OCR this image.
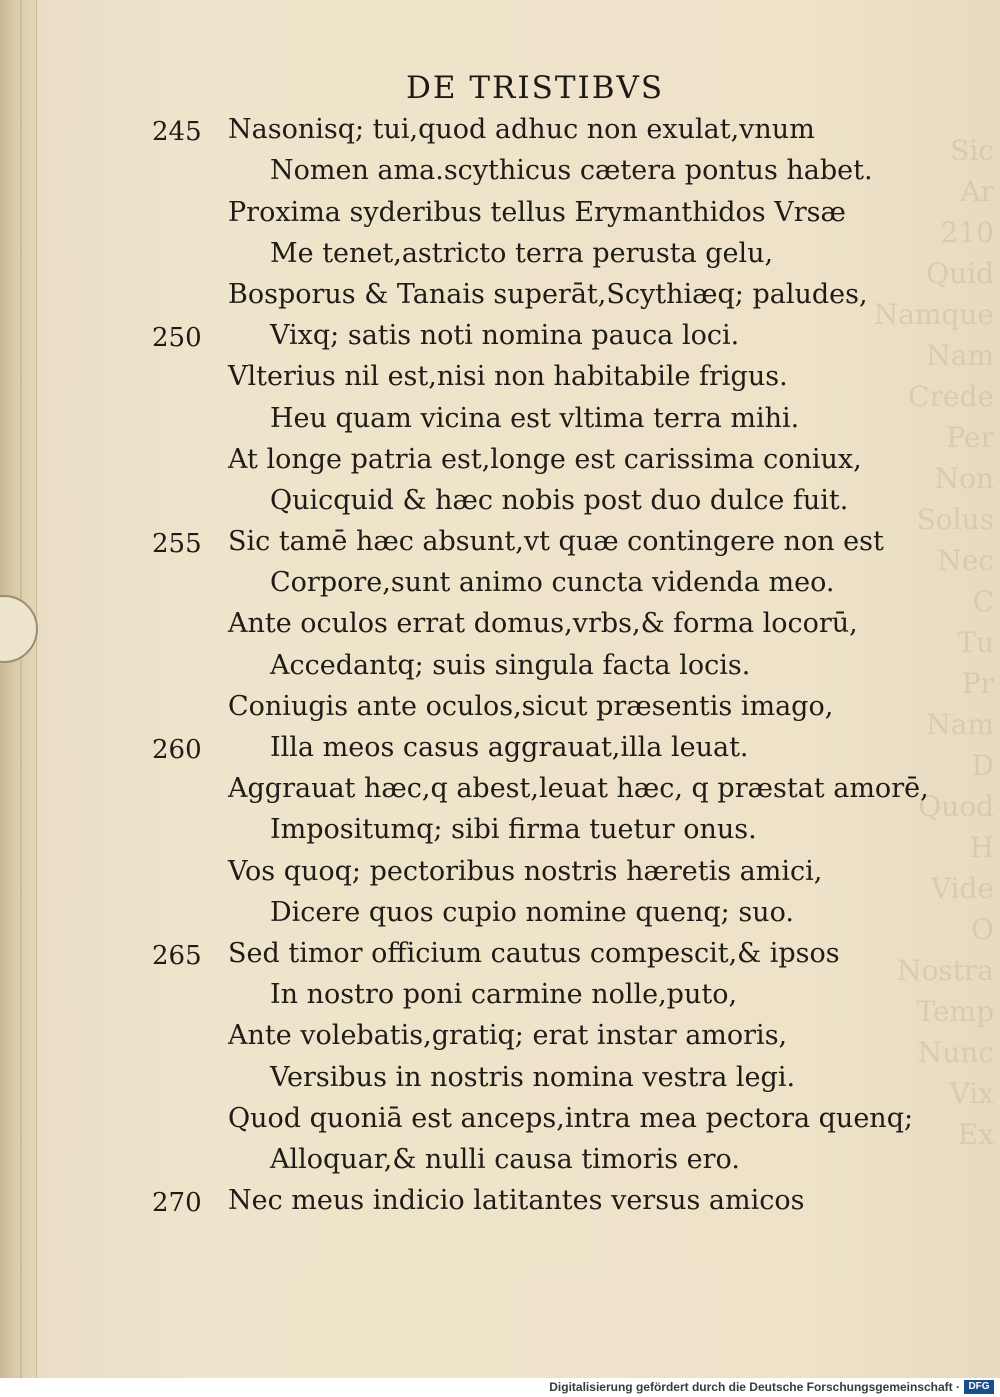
Sic
Ar
210
Quid
Namque
Nam
Crede
Per
Non
Solus
Nec
C
Tu
Pr
Nam
D
Quod
H
Vide
O
Nostra
Temp
Nunc
Vix
Ex
DE TRISTIBVS
245 Nasonisq; tui,quod adhuc non exulat,vnum
Nomen ama.scythicus cætera pontus habet.
Proxima syderibus tellus Erymanthidos Vrsæ
Me tenet,astricto terra perusta gelu,
Bosporus & Tanais superāt,Scythiæq; paludes,
250	Vixq; satis noti nomina pauca loci.
Vlterius nil est,nisi non habitabile frigus.
Heu quam vicina est vltima terra mihi.
At longe patria est,longe est carissima coniux,
Quicquid & hæc nobis post duo dulce fuit.
255 Sic tamē hæc absunt,vt quæ contingere non est
Corpore,sunt animo cuncta videnda meo.
Ante oculos errat domus,vrbs,& forma locorū,
Accedantq; suis singula facta locis.
Coniugis ante oculos,sicut præsentis imago,
260	Illa meos casus aggrauat,illa leuat.
Aggrauat hæc,q abest,leuat hæc, q præstat amorē,
Impositumq; sibi firma tuetur onus.
Vos quoq; pectoribus nostris hæretis amici,
Dicere quos cupio nomine quenq; suo.
265 Sed timor officium cautus compescit,& ipsos
In nostro poni carmine nolle,puto,
Ante volebatis,gratiq; erat instar amoris,
Versibus in nostris nomina vestra legi.
Quod quoniā est anceps,intra mea pectora quenq;
Alloquar,& nulli causa timoris ero.
270 Nec meus indicio latitantes versus amicos
Digitalisierung gefördert durch die Deutsche Forschungsgemeinschaft · DFG
